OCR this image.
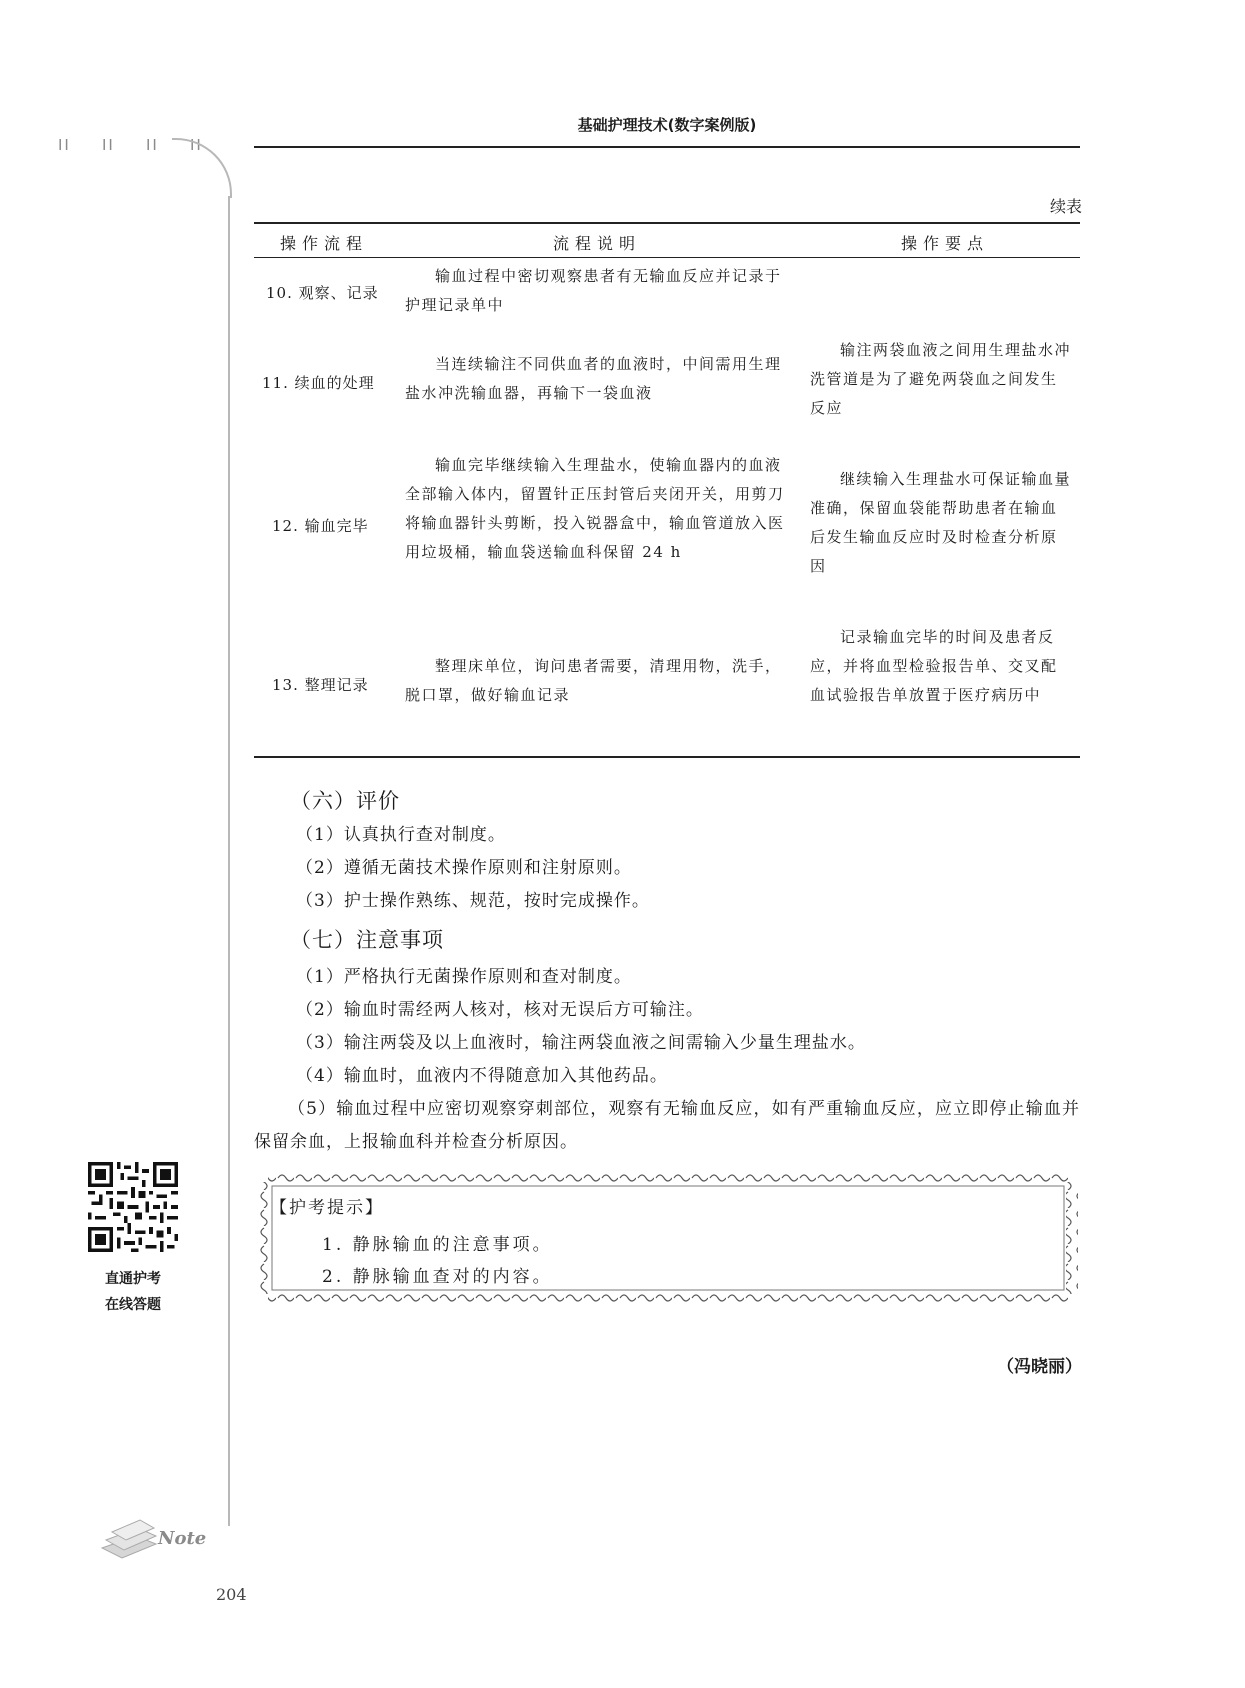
II II II II
基础护理技术(数字案例版)
续表
操作流程	流程说明	操作要点
10. 观察、记录
输血过程中密切观察患者有无输血反应并记录于护理记录单中
11. 续血的处理
当连续输注不同供血者的血液时，中间需用生理盐水冲洗输血器，再输下一袋血液
输注两袋血液之间用生理盐水冲洗管道是为了避免两袋血之间发生反应
12. 输血完毕
输血完毕继续输入生理盐水，使输血器内的血液全部输入体内，留置针正压封管后夹闭开关，用剪刀将输血器针头剪断，投入锐器盒中，输血管道放入医用垃圾桶，输血袋送输血科保留 24 h
继续输入生理盐水可保证输血量准确，保留血袋能帮助患者在输血后发生输血反应时及时检查分析原因
13. 整理记录
整理床单位，询问患者需要，清理用物，洗手，脱口罩，做好输血记录
记录输血完毕的时间及患者反应，并将血型检验报告单、交叉配血试验报告单放置于医疗病历中
（六）评价
（1）认真执行查对制度。
（2）遵循无菌技术操作原则和注射原则。
（3）护士操作熟练、规范，按时完成操作。
（七）注意事项
（1）严格执行无菌操作原则和查对制度。
（2）输血时需经两人核对，核对无误后方可输注。
（3）输注两袋及以上血液时，输注两袋血液之间需输入少量生理盐水。
（4）输血时，血液内不得随意加入其他药品。
（5）输血过程中应密切观察穿刺部位，观察有无输血反应，如有严重输血反应，应立即停止输血并保留余血，上报输血科并检查分析原因。
【护考提示】
1. 静脉输血的注意事项。
2. 静脉输血查对的内容。
直通护考
在线答题
（冯晓丽）
Note
204
